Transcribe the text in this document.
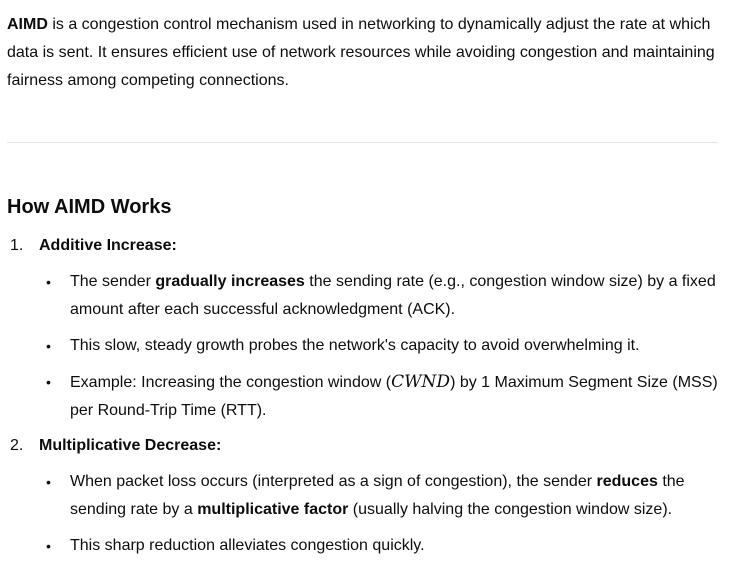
AIMD is a congestion control mechanism used in networking to dynamically adjust the rate at which data is sent. It ensures efficient use of network resources while avoiding congestion and maintaining fairness among competing connections.

How AIMD Works
1. Additive Increase:
•	The sender gradually increases the sending rate (e.g., congestion window size) by a fixed amount after each successful acknowledgment (ACK).
•	This slow, steady growth probes the network's capacity to avoid overwhelming it.
•	Example: Increasing the congestion window (CWND) by 1 Maximum Segment Size (MSS) per Round-Trip Time (RTT).
2. Multiplicative Decrease:
•	When packet loss occurs (interpreted as a sign of congestion), the sender reduces the sending rate by a multiplicative factor (usually halving the congestion window size).
•	This sharp reduction alleviates congestion quickly.
